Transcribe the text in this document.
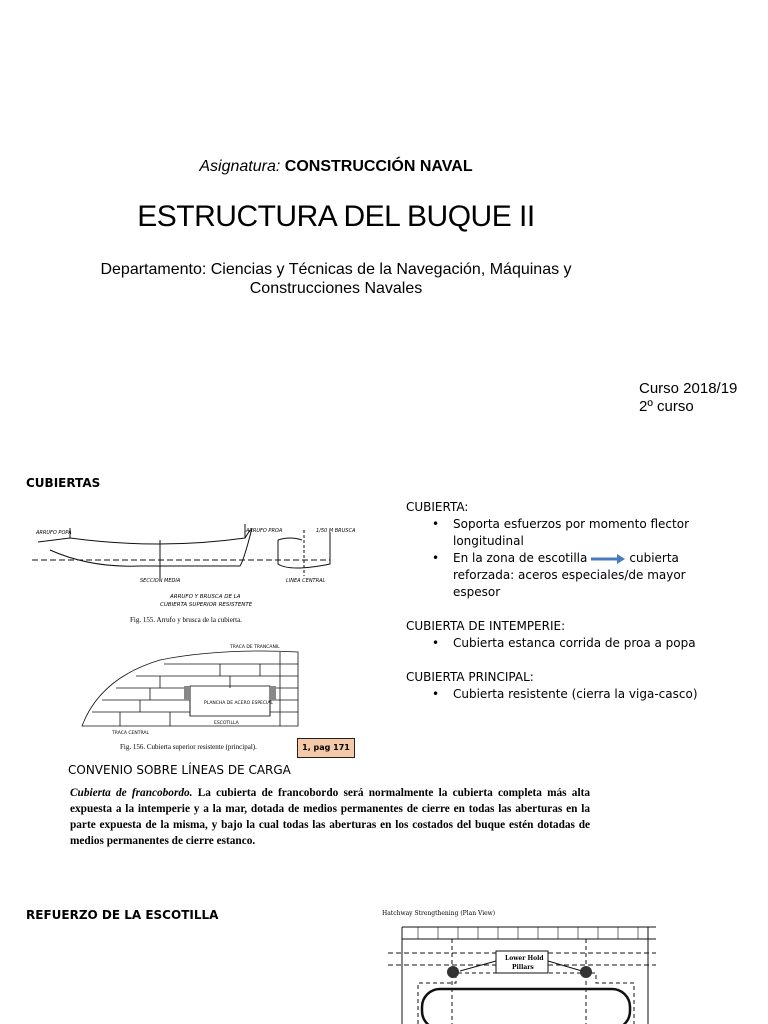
Asignatura: CONSTRUCCIÓN NAVAL
ESTRUCTURA DEL BUQUE II
Departamento: Ciencias y Técnicas de la Navegación, Máquinas y
Construcciones Navales
Curso 2018/19
2º curso
CUBIERTAS
ARRUFO POPA	ARRUFO PROA
SECCION MEDIA
1/50 M BRUSCA
LINEA CENTRAL
ARRUFO Y BRUSCA DE LA
CUBIERTA SUPERIOR RESISTENTE
Fig. 155. Arrufo y brusca de la cubierta.
TRACA DE TRANCANIL
PLANCHA DE ACERO ESPECIAL
ESCOTILLA
TRACA CENTRAL
Fig. 156. Cubierta superior resistente (principal).	1, pag 171

CUBIERTA:

• Soporta esfuerzos por momento flector longitudinal
• En la zona de escotilla	cubierta reforzada: aceros especiales/de mayor espesor

CUBIERTA DE INTEMPERIE:

• Cubierta estanca corrida de proa a popa

CUBIERTA PRINCIPAL:

• Cubierta resistente (cierra la viga-casco)
CONVENIO SOBRE LÍNEAS DE CARGA
Cubierta de francobordo. La cubierta de francobordo será normalmente la cubierta completa más alta expuesta a la intemperie y a la mar, dotada de medios permanentes de cierre en todas las aberturas en la parte expuesta de la misma, y bajo la cual todas las aberturas en los costados del buque estén dotadas de medios permanentes de cierre estanco.
REFUERZO DE LA ESCOTILLA	Hatchway Strengthening (Plan View)
Lower Hold
Pillars
